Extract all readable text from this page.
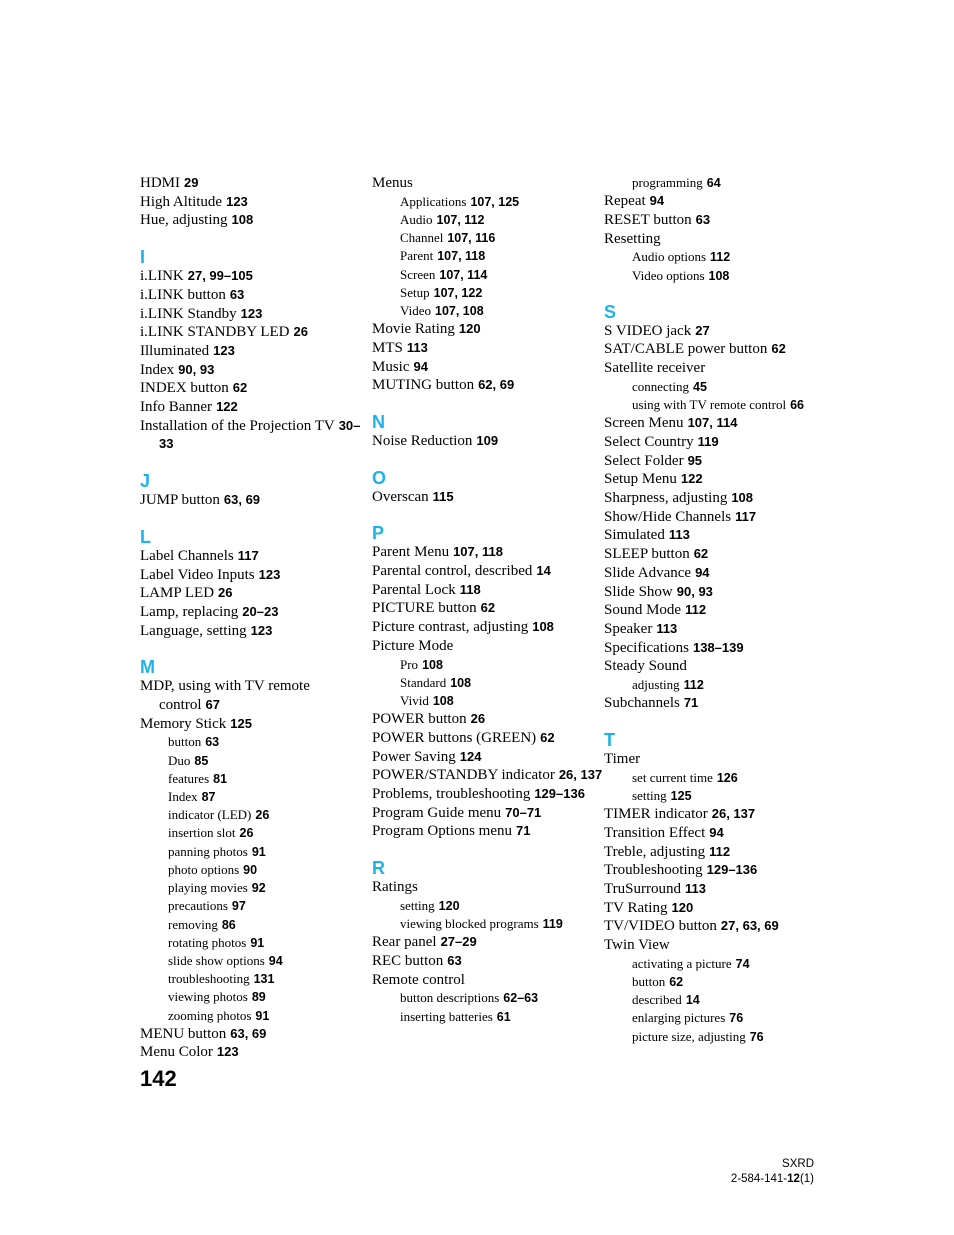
HDMI 29
High Altitude 123
Hue, adjusting 108
I
i.LINK 27, 99–105
i.LINK button 63
i.LINK Standby 123
i.LINK STANDBY LED 26
Illuminated 123
Index 90, 93
INDEX button 62
Info Banner 122
Installation of the Projection TV 30–33
J
JUMP button 63, 69
L
Label Channels 117
Label Video Inputs 123
LAMP LED 26
Lamp, replacing 20–23
Language, setting 123
M
MDP, using with TV remote control 67
Memory Stick 125
button 63
Duo 85
features 81
Index 87
indicator (LED) 26
insertion slot 26
panning photos 91
photo options 90
playing movies 92
precautions 97
removing 86
rotating photos 91
slide show options 94
troubleshooting 131
viewing photos 89
zooming photos 91
MENU button 63, 69
Menu Color 123
Menus
Applications 107, 125
Audio 107, 112
Channel 107, 116
Parent 107, 118
Screen 107, 114
Setup 107, 122
Video 107, 108
Movie Rating 120
MTS 113
Music 94
MUTING button 62, 69
N
Noise Reduction 109
O
Overscan 115
P
Parent Menu 107, 118
Parental control, described 14
Parental Lock 118
PICTURE button 62
Picture contrast, adjusting 108
Picture Mode
Pro 108
Standard 108
Vivid 108
POWER button 26
POWER buttons (GREEN) 62
Power Saving 124
POWER/STANDBY indicator 26, 137
Problems, troubleshooting 129–136
Program Guide menu 70–71
Program Options menu 71
R
Ratings
setting 120
viewing blocked programs 119
Rear panel 27–29
REC button 63
Remote control
button descriptions 62–63
inserting batteries 61
programming 64
Repeat 94
RESET button 63
Resetting
Audio options 112
Video options 108
S
S VIDEO jack 27
SAT/CABLE power button 62
Satellite receiver
connecting 45
using with TV remote control 66
Screen Menu 107, 114
Select Country 119
Select Folder 95
Setup Menu 122
Sharpness, adjusting 108
Show/Hide Channels 117
Simulated 113
SLEEP button 62
Slide Advance 94
Slide Show 90, 93
Sound Mode 112
Speaker 113
Specifications 138–139
Steady Sound
adjusting 112
Subchannels 71
T
Timer
set current time 126
setting 125
TIMER indicator 26, 137
Transition Effect 94
Treble, adjusting 112
Troubleshooting 129–136
TruSurround 113
TV Rating 120
TV/VIDEO button 27, 63, 69
Twin View
activating a picture 74
button 62
described 14
enlarging pictures 76
picture size, adjusting 76
142
SXRD
2-584-141-12(1)
